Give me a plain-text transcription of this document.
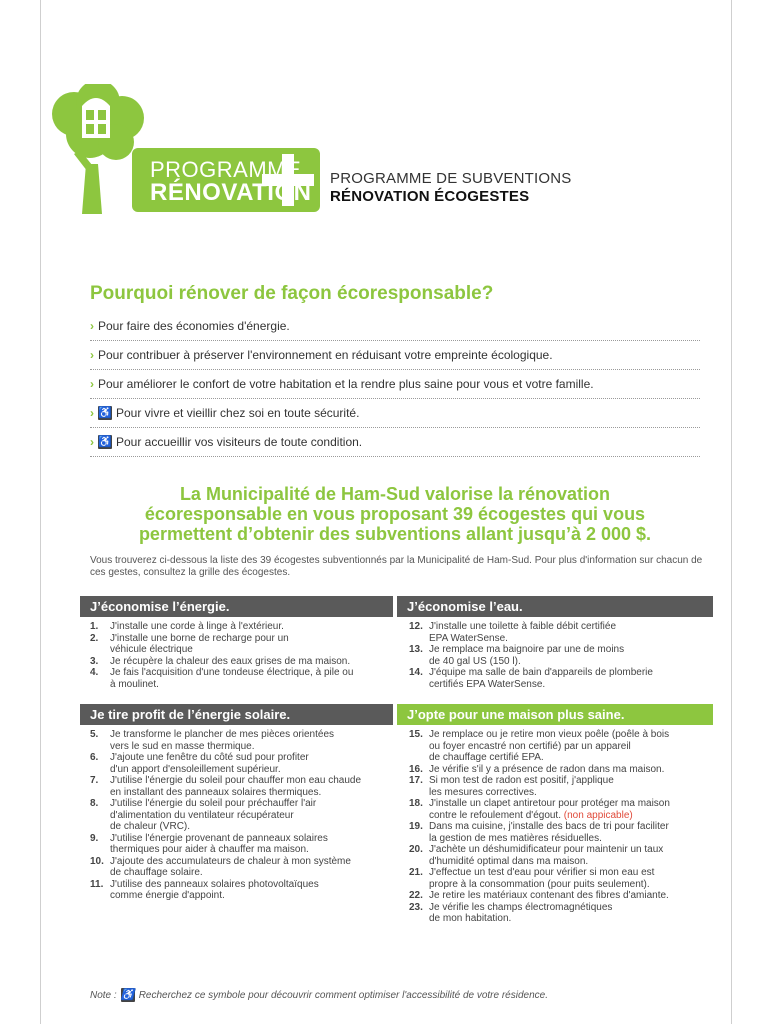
PROGRAMME
RÉNOVATION
PROGRAMME DE SUBVENTIONS
RÉNOVATION ÉCOGESTES
Pourquoi rénover de façon écoresponsable?
› Pour faire des économies d'énergie.
› Pour contribuer à préserver l'environnement en réduisant votre empreinte écologique.
› Pour améliorer le confort de votre habitation et la rendre plus saine pour vous et votre famille.
› ♿ Pour vivre et vieillir chez soi en toute sécurité.
› ♿ Pour accueillir vos visiteurs de toute condition.
La Municipalité de Ham-Sud valorise la rénovation
écoresponsable en vous proposant 39 écogestes qui vous
permettent d’obtenir des subventions allant jusqu’à 2 000 $.
Vous trouverez ci-dessous la liste des 39 écogestes subventionnés par la Municipalité de Ham-Sud. Pour plus d'information sur chacun de ces gestes, consultez la grille des écogestes.
J’économise l’énergie.	J’économise l’eau.
Je tire profit de l’énergie solaire.	J’opte pour une maison plus saine.
1.	J'installe une corde à linge à l'extérieur.
2.	J'installe une borne de recharge pour un
véhicule électrique
3.	Je récupère la chaleur des eaux grises de ma maison.
4.	Je fais l'acquisition d'une tondeuse électrique, à pile ou
à moulinet.
12. J'installe une toilette à faible débit certifiée
EPA WaterSense.
13. Je remplace ma baignoire par une de moins
de 40 gal US (150 l).
14. J'équipe ma salle de bain d'appareils de plomberie
certifiés EPA WaterSense.
5.	Je transforme le plancher de mes pièces orientées
vers le sud en masse thermique.
6.	J'ajoute une fenêtre du côté sud pour profiter
d'un apport d'ensoleillement supérieur.
7.	J'utilise l'énergie du soleil pour chauffer mon eau chaude
en installant des panneaux solaires thermiques.
8.	J'utilise l'énergie du soleil pour préchauffer l'air
d'alimentation du ventilateur récupérateur
de chaleur (VRC).
9.	J'utilise l'énergie provenant de panneaux solaires
thermiques pour aider à chauffer ma maison.
10. J'ajoute des accumulateurs de chaleur à mon système
de chauffage solaire.
11. J'utilise des panneaux solaires photovoltaïques
comme énergie d'appoint.
15. Je remplace ou je retire mon vieux poêle (poêle à bois
ou foyer encastré non certifié) par un appareil
de chauffage certifié EPA.
16. Je vérifie s'il y a présence de radon dans ma maison.
17. Si mon test de radon est positif, j'applique
les mesures correctives.
18. J'installe un clapet antiretour pour protéger ma maison
contre le refoulement d'égout. (non appicable)
19. Dans ma cuisine, j'installe des bacs de tri pour faciliter
la gestion de mes matières résiduelles.
20. J'achète un déshumidificateur pour maintenir un taux
d'humidité optimal dans ma maison.
21. J'effectue un test d'eau pour vérifier si mon eau est
propre à la consommation (pour puits seulement).
22. Je retire les matériaux contenant des fibres d'amiante.
23. Je vérifie les champs électromagnétiques
de mon habitation.
Note : ♿ Recherchez ce symbole pour découvrir comment optimiser l'accessibilité de votre résidence.
